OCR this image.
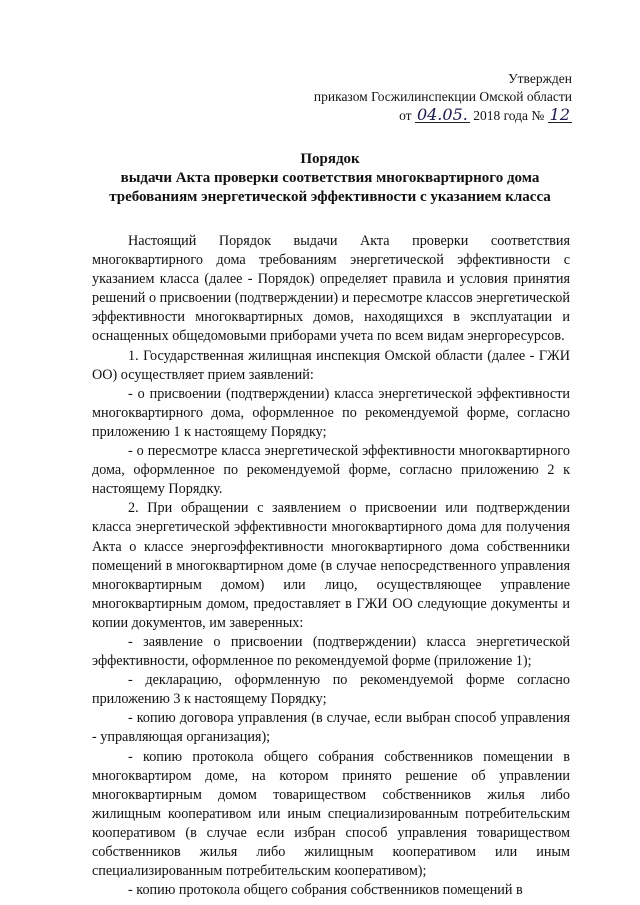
Утвержден
приказом Госжилинспекции Омской области
от 04.05. 2018 года № 12
Порядок
выдачи Акта проверки соответствия многоквартирного дома требованиям энергетической эффективности с указанием класса

Настоящий Порядок выдачи Акта проверки соответствия многоквартирного дома требованиям энергетической эффективности с указанием класса (далее - Порядок) определяет правила и условия принятия решений о присвоении (подтверждении) и пересмотре классов энергетической эффективности многоквартирных домов, находящихся в эксплуатации и оснащенных общедомовыми приборами учета по всем видам энергоресурсов.

1. Государственная жилищная инспекция Омской области (далее - ГЖИ ОО) осуществляет прием заявлений:

- о присвоении (подтверждении) класса энергетической эффективности многоквартирного дома, оформленное по рекомендуемой форме, согласно приложению 1 к настоящему Порядку;

- о пересмотре класса энергетической эффективности многоквартирного дома, оформленное по рекомендуемой форме, согласно приложению 2 к настоящему Порядку.

2. При обращении с заявлением о присвоении или подтверждении класса энергетической эффективности многоквартирного дома для получения Акта о классе энергоэффективности многоквартирного дома собственники помещений в многоквартирном доме (в случае непосредственного управления многоквартирным домом) или лицо, осуществляющее управление многоквартирным домом, предоставляет в ГЖИ ОО следующие документы и копии документов, им заверенных:

- заявление о присвоении (подтверждении) класса энергетической эффективности, оформленное по рекомендуемой форме (приложение 1);

- декларацию, оформленную по рекомендуемой форме согласно приложению 3 к настоящему Порядку;

- копию договора управления (в случае, если выбран способ управления - управляющая организация);

- копию протокола общего собрания собственников помещении в многоквартиром доме, на котором принято решение об управлении многоквартирным домом товариществом собственников жилья либо жилищным кооперативом или иным специализированным потребительским кооперативом (в случае если избран способ управления товариществом собственников жилья либо жилищным кооперативом или иным специализированным потребительским кооперативом);

- копию протокола общего собрания собственников помещений в
